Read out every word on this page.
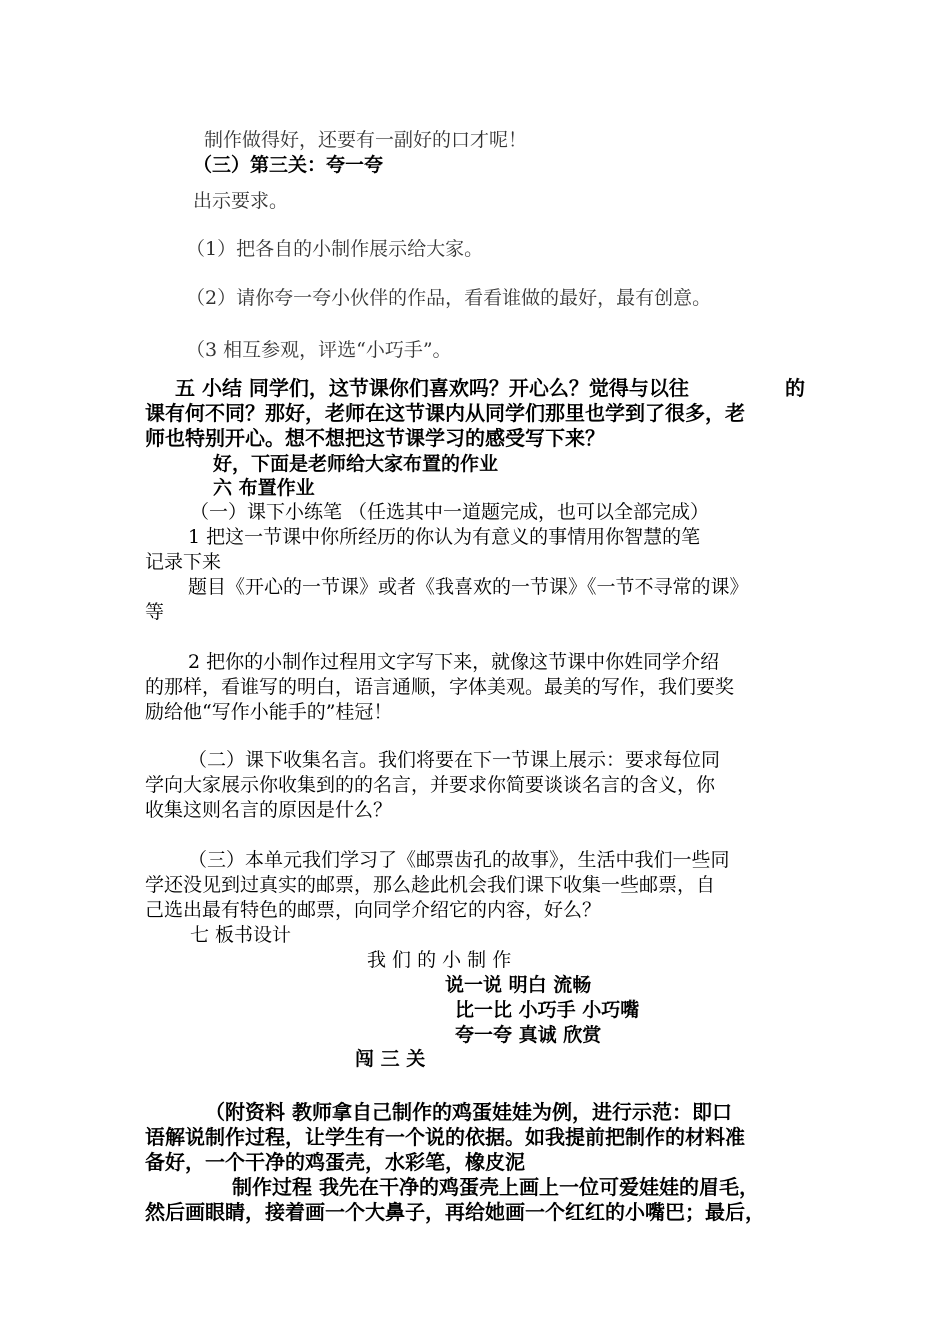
制作做得好，还要有一副好的口才呢！
（三）第三关：夸一夸
出示要求。
（1）把各自的小制作展示给大家。
（2）请你夸一夸小伙伴的作品，看看谁做的最好，最有创意。
（3 相互参观，评选“小巧手”。
五 小结 同学们，这节课你们喜欢吗？开心么？觉得与以往	的
课有何不同？那好，老师在这节课内从同学们那里也学到了很多，老
师也特别开心。想不想把这节课学习的感受写下来？
好，下面是老师给大家布置的作业
六 布置作业
（一）课下小练笔 （任选其中一道题完成，也可以全部完成）
1 把这一节课中你所经历的你认为有意义的事情用你智慧的笔
记录下来
题目《开心的一节课》或者《我喜欢的一节课》《一节不寻常的课》
等
2 把你的小制作过程用文字写下来，就像这节课中你姓同学介绍
的那样，看谁写的明白，语言通顺，字体美观。最美的写作，我们要奖
励给他“写作小能手的”桂冠！
（二）课下收集名言。我们将要在下一节课上展示：要求每位同
学向大家展示你收集到的的名言，并要求你简要谈谈名言的含义，你
收集这则名言的原因是什么？
（三）本单元我们学习了《邮票齿孔的故事》，生活中我们一些同
学还没见到过真实的邮票，那么趁此机会我们课下收集一些邮票，自
己选出最有特色的邮票，向同学介绍它的内容，好么？
七 板书设计
我 们 的 小 制 作
说一说 明白 流畅
比一比 小巧手 小巧嘴
夸一夸 真诚 欣赏
闯 三 关
（附资料 教师拿自己制作的鸡蛋娃娃为例，进行示范：即口
语解说制作过程，让学生有一个说的依据。如我提前把制作的材料准
备好，一个干净的鸡蛋壳，水彩笔，橡皮泥
制作过程 我先在干净的鸡蛋壳上画上一位可爱娃娃的眉毛，
然后画眼睛，接着画一个大鼻子，再给她画一个红红的小嘴巴；最后，
